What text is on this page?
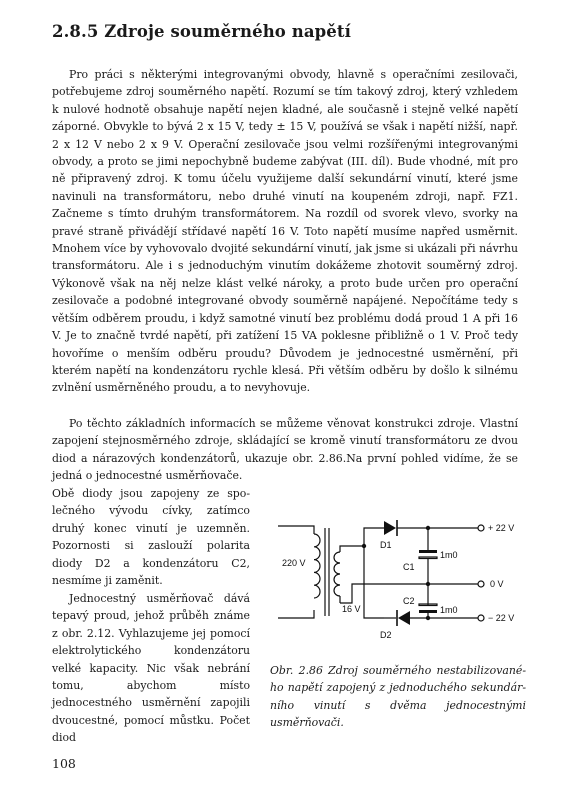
2.8.5 Zdroje souměrného napětí

Pro práci s některými integrovanými obvody, hlavně s operačními zesilovači, potřebujeme zdroj souměrného napětí. Rozumí se tím takový zdroj, který vzhledem k nulové hodnotě obsahuje napětí nejen kladné, ale současně i stejně velké napětí záporné. Obvykle to bývá 2 x 15 V, tedy ± 15 V, používá se však i napětí nižší, např. 2 x 12 V nebo 2 x 9 V. Operační zesilovače jsou velmi rozšířenými integrovanými obvody, a proto se jimi nepochybně budeme zabývat (III. díl). Bude vhodné, mít pro ně připravený zdroj. K tomu účelu využijeme další sekundární vinutí, které jsme navinuli na transformátoru, nebo druhé vinutí na koupeném zdroji, např. FZ1. Začneme s tímto druhým transformátorem. Na rozdíl od svorek vlevo, svorky na pravé straně přivádějí střídavé napětí 16 V. Toto napětí musíme napřed usměrnit. Mnohem více by vyhovovalo dvojité sekundární vinutí, jak jsme si ukázali při návrhu transformátoru. Ale i s jednoduchým vinutím dokážeme zhotovit souměrný zdroj. Výkonově však na něj nelze klást velké nároky, a proto bude určen pro operační zesilovače a podobné integrované obvody souměrně napájené. Nepočítáme tedy s větším odběrem proudu, i když samotné vinutí bez problému dodá proud 1 A při 16 V. Je to značně tvrdé napětí, při zatížení 15 VA poklesne přibližně o 1 V. Proč tedy hovoříme o menším odběru proudu? Důvodem je jednocestné usměrnění, při kterém napětí na kondenzátoru rychle klesá. Při větším odběru by došlo k silnému zvlnění usměrněného proudu, a to nevyhovuje.

Po těchto základních informacích se můžeme věnovat konstrukci zdroje. Vlastní zapojení stejnosměrného zdroje, skládající se kromě vinutí transformátoru ze dvou diod a nárazových kondenzátorů, ukazuje obr. 2.86.Na první pohled vidíme, že se jedná o jednocestné usměrňovače.

Obě diody jsou zapojeny ze společného vývodu cívky, zatímco druhý konec vinutí je uzemněn. Pozornosti si zaslouží polarita diody D2 a kondenzátoru C2, nesmíme ji zaměnit.

Jednocestný usměrňovač dává tepavý proud, jehož průběh známe z obr. 2.12. Vyhlazujeme jej pomocí elektrolytického kondenzátoru velké kapacity. Nic však nebrání tomu, abychom místo jednocestného usměrnění zapojili dvoucestné, pomocí můstku. Počet diod

220 V
16 V
D1
D2
C1
C2
1m0
1m0
+ 22 V
0 V
− 22 V

Obr. 2.86 Zdroj souměrného nestabilizovaného napětí zapojený z jednoduchého sekundárního vinutí s dvěma jednocestnými usměrňovači.

108
